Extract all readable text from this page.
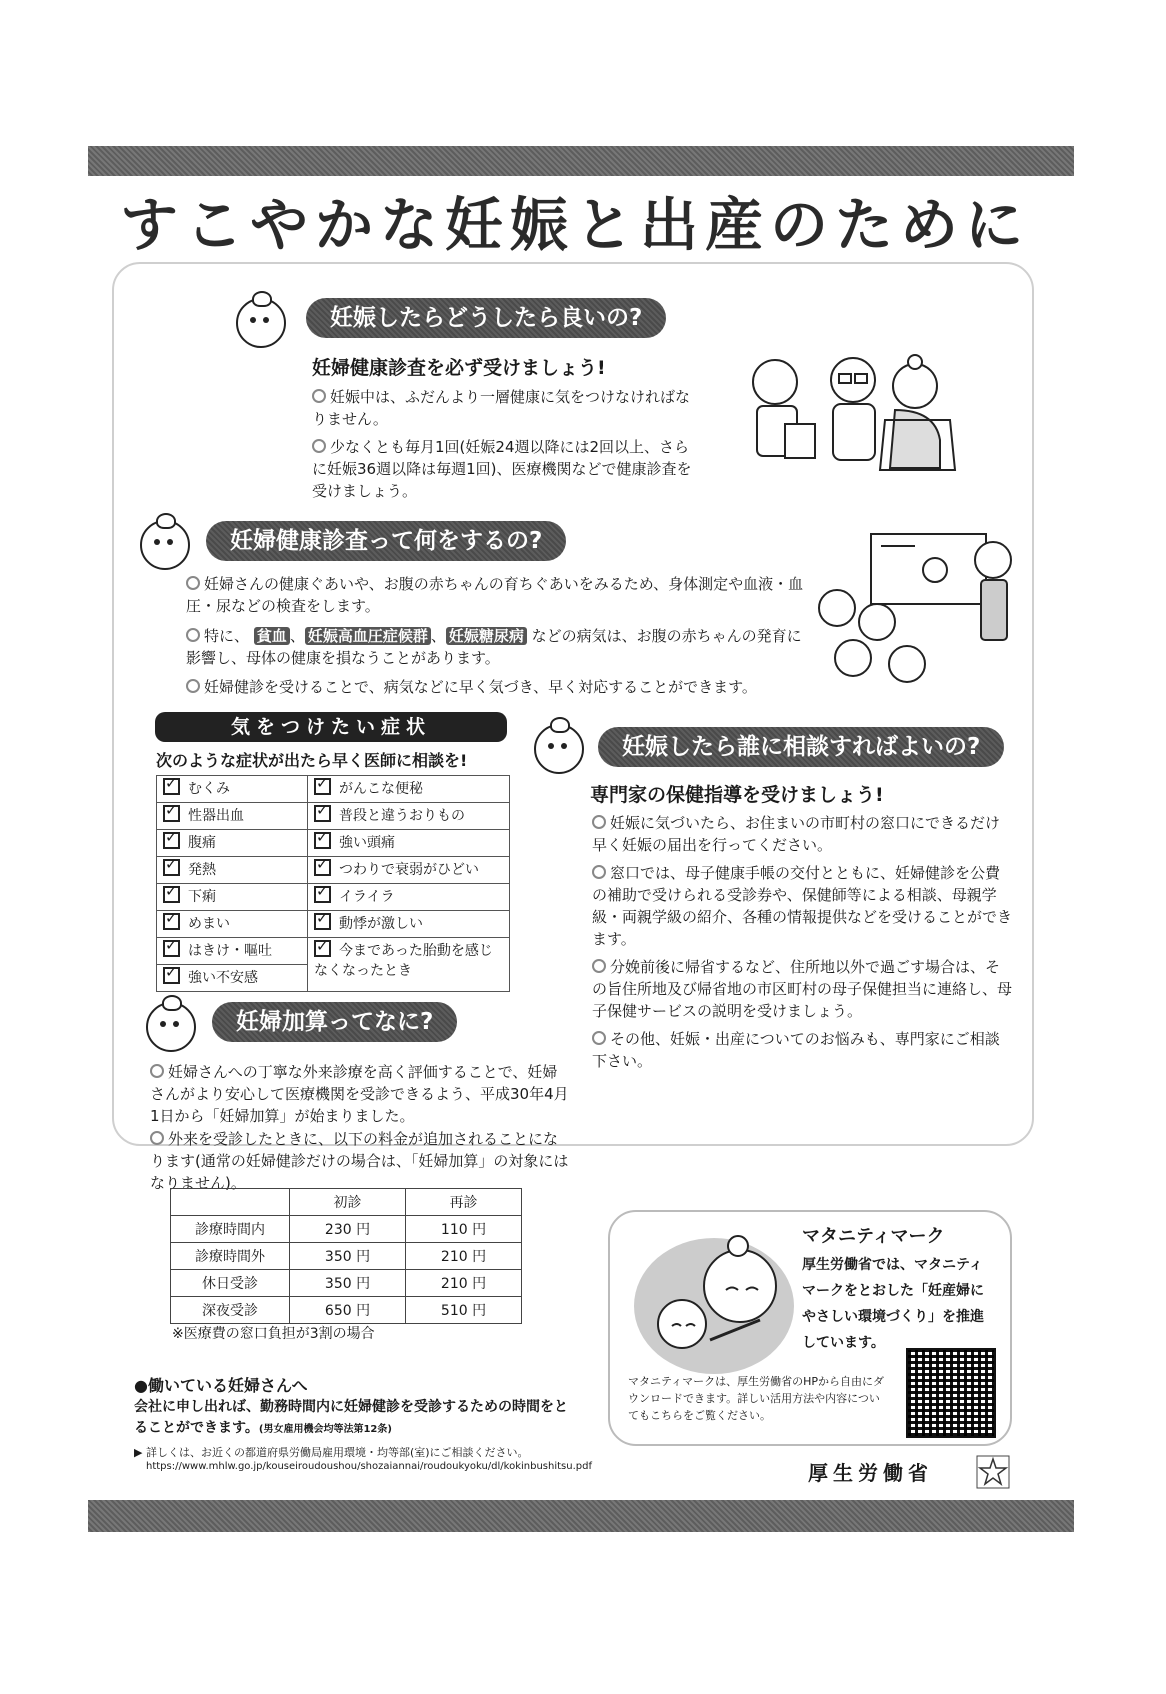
すこやかな妊娠と出産のために
妊娠したらどうしたら良いの?
妊婦健康診査を必ず受けましょう!
妊娠中は、ふだんより一層健康に気をつけなければなりません。
少なくとも毎月1回(妊娠24週以降には2回以上、さらに妊娠36週以降は毎週1回)、医療機関などで健康診査を受けましょう。
妊婦健康診査って何をするの?
妊婦さんの健康ぐあいや、お腹の赤ちゃんの育ちぐあいをみるため、身体測定や血液・血圧・尿などの検査をします。
特に、 貧血 、 妊娠高血圧症候群 、 妊娠糖尿病 などの病気は、お腹の赤ちゃんの発育に影響し、母体の健康を損なうことがあります。
妊婦健診を受けることで、病気などに早く気づき、早く対応することができます。
気をつけたい症状
次のような症状が出たら早く医師に相談を!
✓むくみ	✓がんこな便秘
✓性器出血	✓普段と違うおりもの
✓腹痛	✓強い頭痛
✓発熱	✓つわりで衰弱がひどい
✓下痢	✓イライラ
✓めまい	✓動悸が激しい
✓はきけ・嘔吐	✓今まであった胎動を感じなくなったとき
✓強い不安感
妊娠したら誰に相談すればよいの?
専門家の保健指導を受けましょう!
妊娠に気づいたら、お住まいの市町村の窓口にできるだけ早く妊娠の届出を行ってください。
窓口では、母子健康手帳の交付とともに、妊婦健診を公費の補助で受けられる受診券や、保健師等による相談、母親学級・両親学級の紹介、各種の情報提供などを受けることができます。
分娩前後に帰省するなど、住所地以外で過ごす場合は、その旨住所地及び帰省地の市区町村の母子保健担当に連絡し、母子保健サービスの説明を受けましょう。
その他、妊娠・出産についてのお悩みも、専門家にご相談下さい。
妊婦加算ってなに?
妊婦さんへの丁寧な外来診療を高く評価することで、妊婦さんがより安心して医療機関を受診できるよう、平成30年4月1日から「妊婦加算」が始まりました。
外来を受診したときに、以下の料金が追加されることになります(通常の妊婦健診だけの場合は、「妊婦加算」の対象にはなりません)。
	初診	再診
診療時間内	230 円	110 円
診療時間外	350 円	210 円
休日受診	350 円	210 円
深夜受診	650 円	510 円
※医療費の窓口負担が3割の場合
●働いている妊婦さんへ
会社に申し出れば、勤務時間内に妊婦健診を受診するための時間をとることができます。(男女雇用機会均等法第12条)
▶ 詳しくは、お近くの都道府県労働局雇用環境・均等部(室)にご相談ください。
https://www.mhlw.go.jp/kouseiroudoushou/shozaiannai/roudoukyoku/dl/kokinbushitsu.pdf
マタニティマーク
厚生労働省では、マタニティマークをとおした「妊産婦にやさしい環境づくり」を推進しています。
マタニティマークは、厚生労働省のHPから自由にダウンロードできます。詳しい活用方法や内容についてもこちらをご覧ください。
厚生労働省
